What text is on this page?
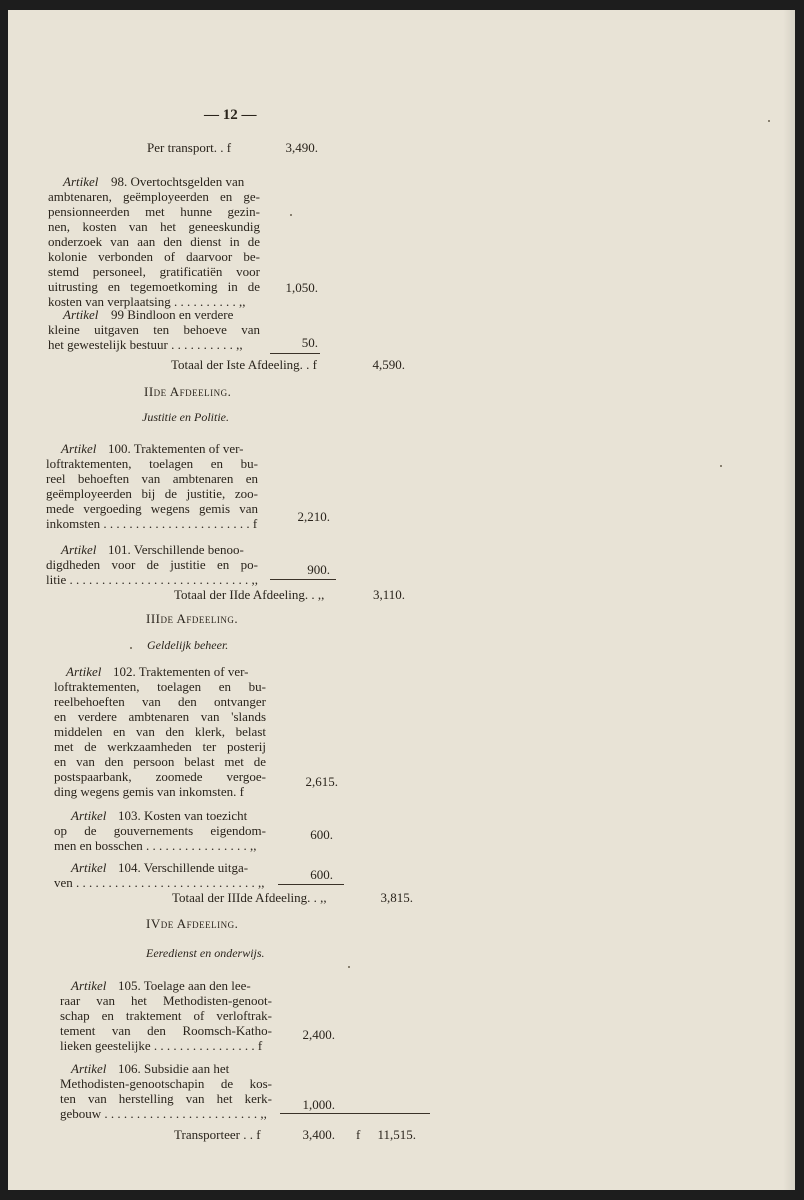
— 12 —
Per transport. . f	3,490.
Artikel 98. Overtochtsgelden van
ambtenaren, geëmployeerden en ge-
pensionneerden met hunne gezin-
nen, kosten van het geneeskundig
onderzoek van aan den dienst in de
kolonie verbonden of daarvoor be-
stemd personeel, gratificatiën voor
uitrusting en tegemoetkoming in de
kosten van verplaatsing . . . . . . . . . . ,,
1,050.
Artikel 99 Bindloon en verdere
kleine uitgaven ten behoeve van
het gewestelijk bestuur . . . . . . . . . . ,,	50.
Totaal der Iste Afdeeling. . f	4,590.
IIde Afdeeling.
Justitie en Politie.
Artikel 100. Traktementen of ver-
loftraktementen, toelagen en bu-
reel behoeften van ambtenaren en
geëmployeerden bij de justitie, zoo-
mede vergoeding wegens gemis van
inkomsten . . . . . . . . . . . . . . . . . . . . . . . f	2,210.
Artikel 101. Verschillende benoo-
digdheden voor de justitie en po-
litie . . . . . . . . . . . . . . . . . . . . . . . . . . . . ,,
900.
Totaal der IIde Afdeeling. . ,,	3,110.
IIIde Afdeeling.
Geldelijk beheer.
Artikel 102. Traktementen of ver-
loftraktementen, toelagen en bu-
reelbehoeften van den ontvanger
en verdere ambtenaren van 'slands
middelen en van den klerk, belast
met de werkzaamheden ter posterij
en van den persoon belast met de
postspaarbank, zoomede vergoe-
ding wegens gemis van inkomsten. f
2,615.
Artikel 103. Kosten van toezicht
op de gouvernements eigendom-
men en bosschen . . . . . . . . . . . . . . . . ,,
600.
Artikel 104. Verschillende uitga-
ven . . . . . . . . . . . . . . . . . . . . . . . . . . . . ,,
600.
Totaal der IIIde Afdeeling. . ,,	3,815.
IVde Afdeeling.
Eeredienst en onderwijs.
Artikel 105. Toelage aan den lee-
raar van het Methodisten-genoot-
schap en traktement of verloftrak-
tement van den Roomsch-Katho-
lieken geestelijke . . . . . . . . . . . . . . . . f
2,400.
Artikel 106. Subsidie aan het
Methodisten-genootschapin de kos-
ten van herstelling van het kerk-
gebouw . . . . . . . . . . . . . . . . . . . . . . . . ,,
1,000.
Transporteer . . f	3,400. f	11,515.
